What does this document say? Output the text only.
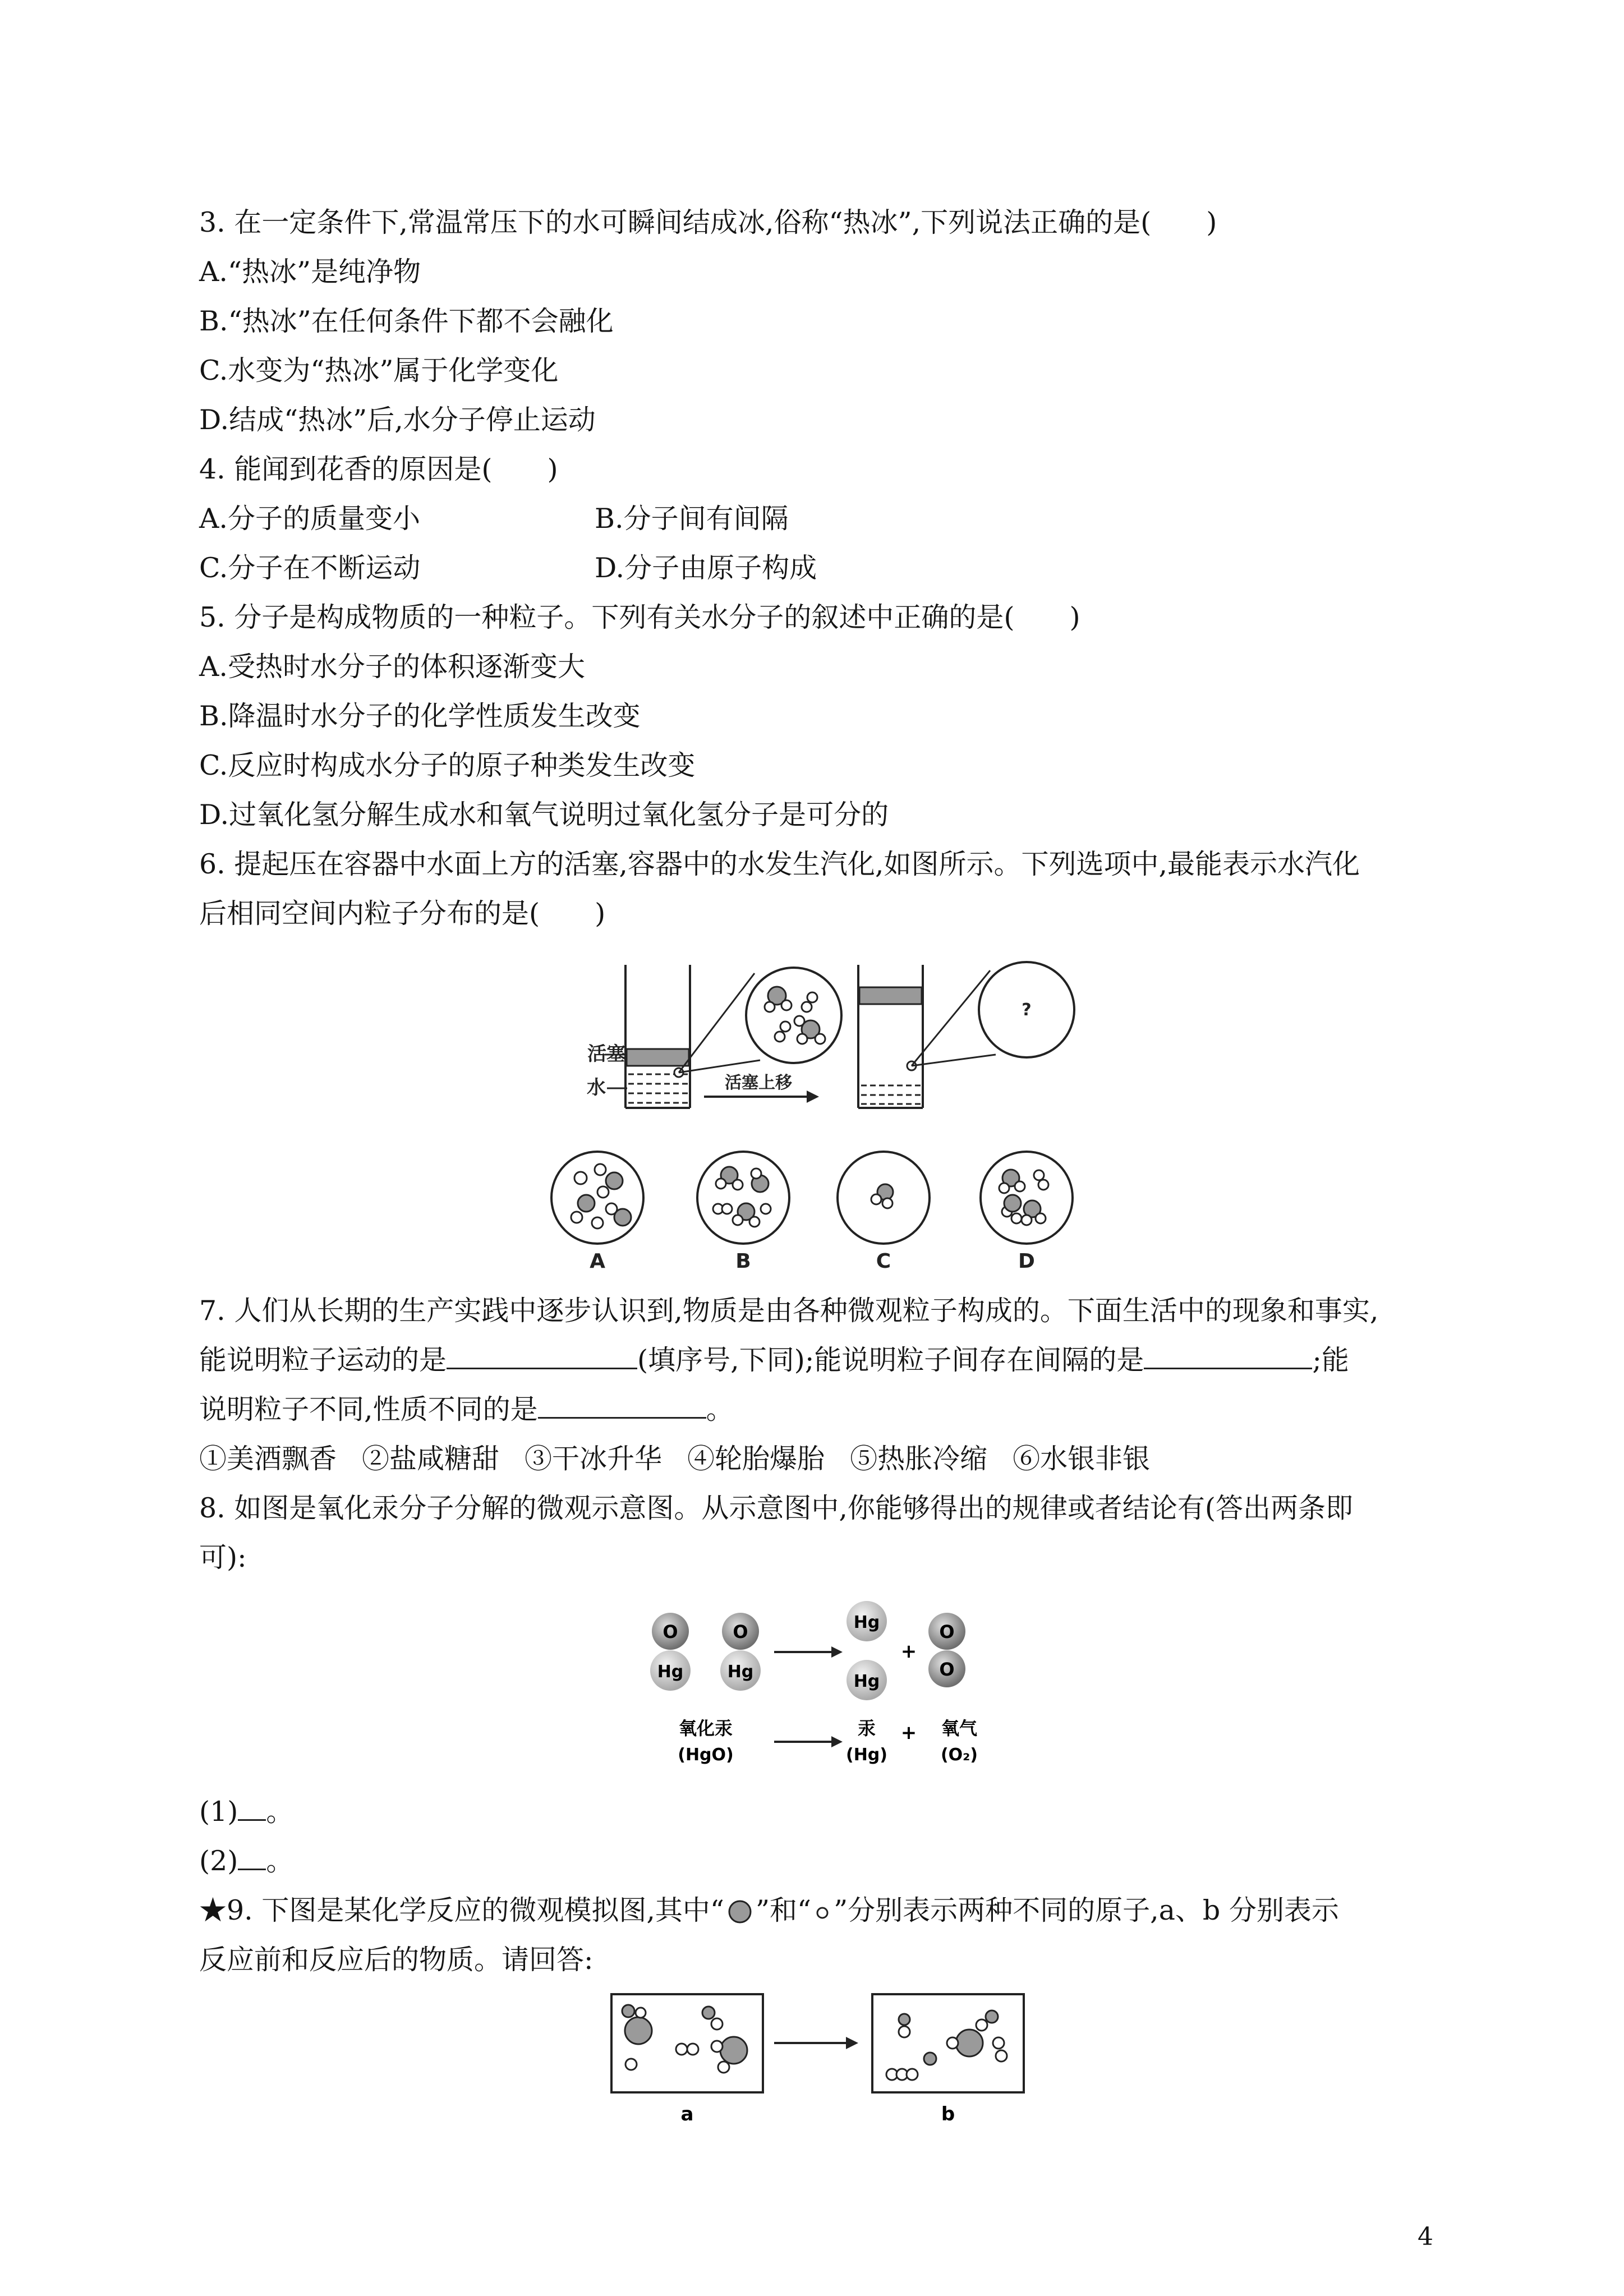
3. 在一定条件下,常温常压下的水可瞬间结成冰,俗称“热冰”,下列说法正确的是(　　)
A.“热冰”是纯净物
B.“热冰”在任何条件下都不会融化
C.水变为“热冰”属于化学变化
D.结成“热冰”后,水分子停止运动
4. 能闻到花香的原因是(　　)
A.分子的质量变小	B.分子间有间隔
C.分子在不断运动	D.分子由原子构成
5. 分子是构成物质的一种粒子。下列有关水分子的叙述中正确的是(　　)
A.受热时水分子的体积逐渐变大
B.降温时水分子的化学性质发生改变
C.反应时构成水分子的原子种类发生改变
D.过氧化氢分解生成水和氧气说明过氧化氢分子是可分的
6. 提起压在容器中水面上方的活塞,容器中的水发生汽化,如图所示。下列选项中,最能表示水汽化
后相同空间内粒子分布的是(　　)
活塞
水	活塞上移
?
A	B	C	D
7. 人们从长期的生产实践中逐步认识到,物质是由各种微观粒子构成的。下面生活中的现象和事实,
能说明粒子运动的是	(填序号,下同);能说明粒子间存在间隔的是	;能
说明粒子不同,性质不同的是	。
①美酒飘香 ②盐咸糖甜 ③干冰升华 ④轮胎爆胎 ⑤热胀冷缩 ⑥水银非银
8. 如图是氧化汞分子分解的微观示意图。从示意图中,你能够得出的规律或者结论有(答出两条即
可):
O
Hg
O
Hg
Hg
Hg
+
O
O
氧化汞
(HgO)
汞
(Hg)
+ 氧气
(O₂)
(1) 。
(2) 。
★9. 下图是某化学反应的微观模拟图,其中“ ”和“ ”分别表示两种不同的原子,a、b 分别表示
反应前和反应后的物质。请回答:
a	b
4
